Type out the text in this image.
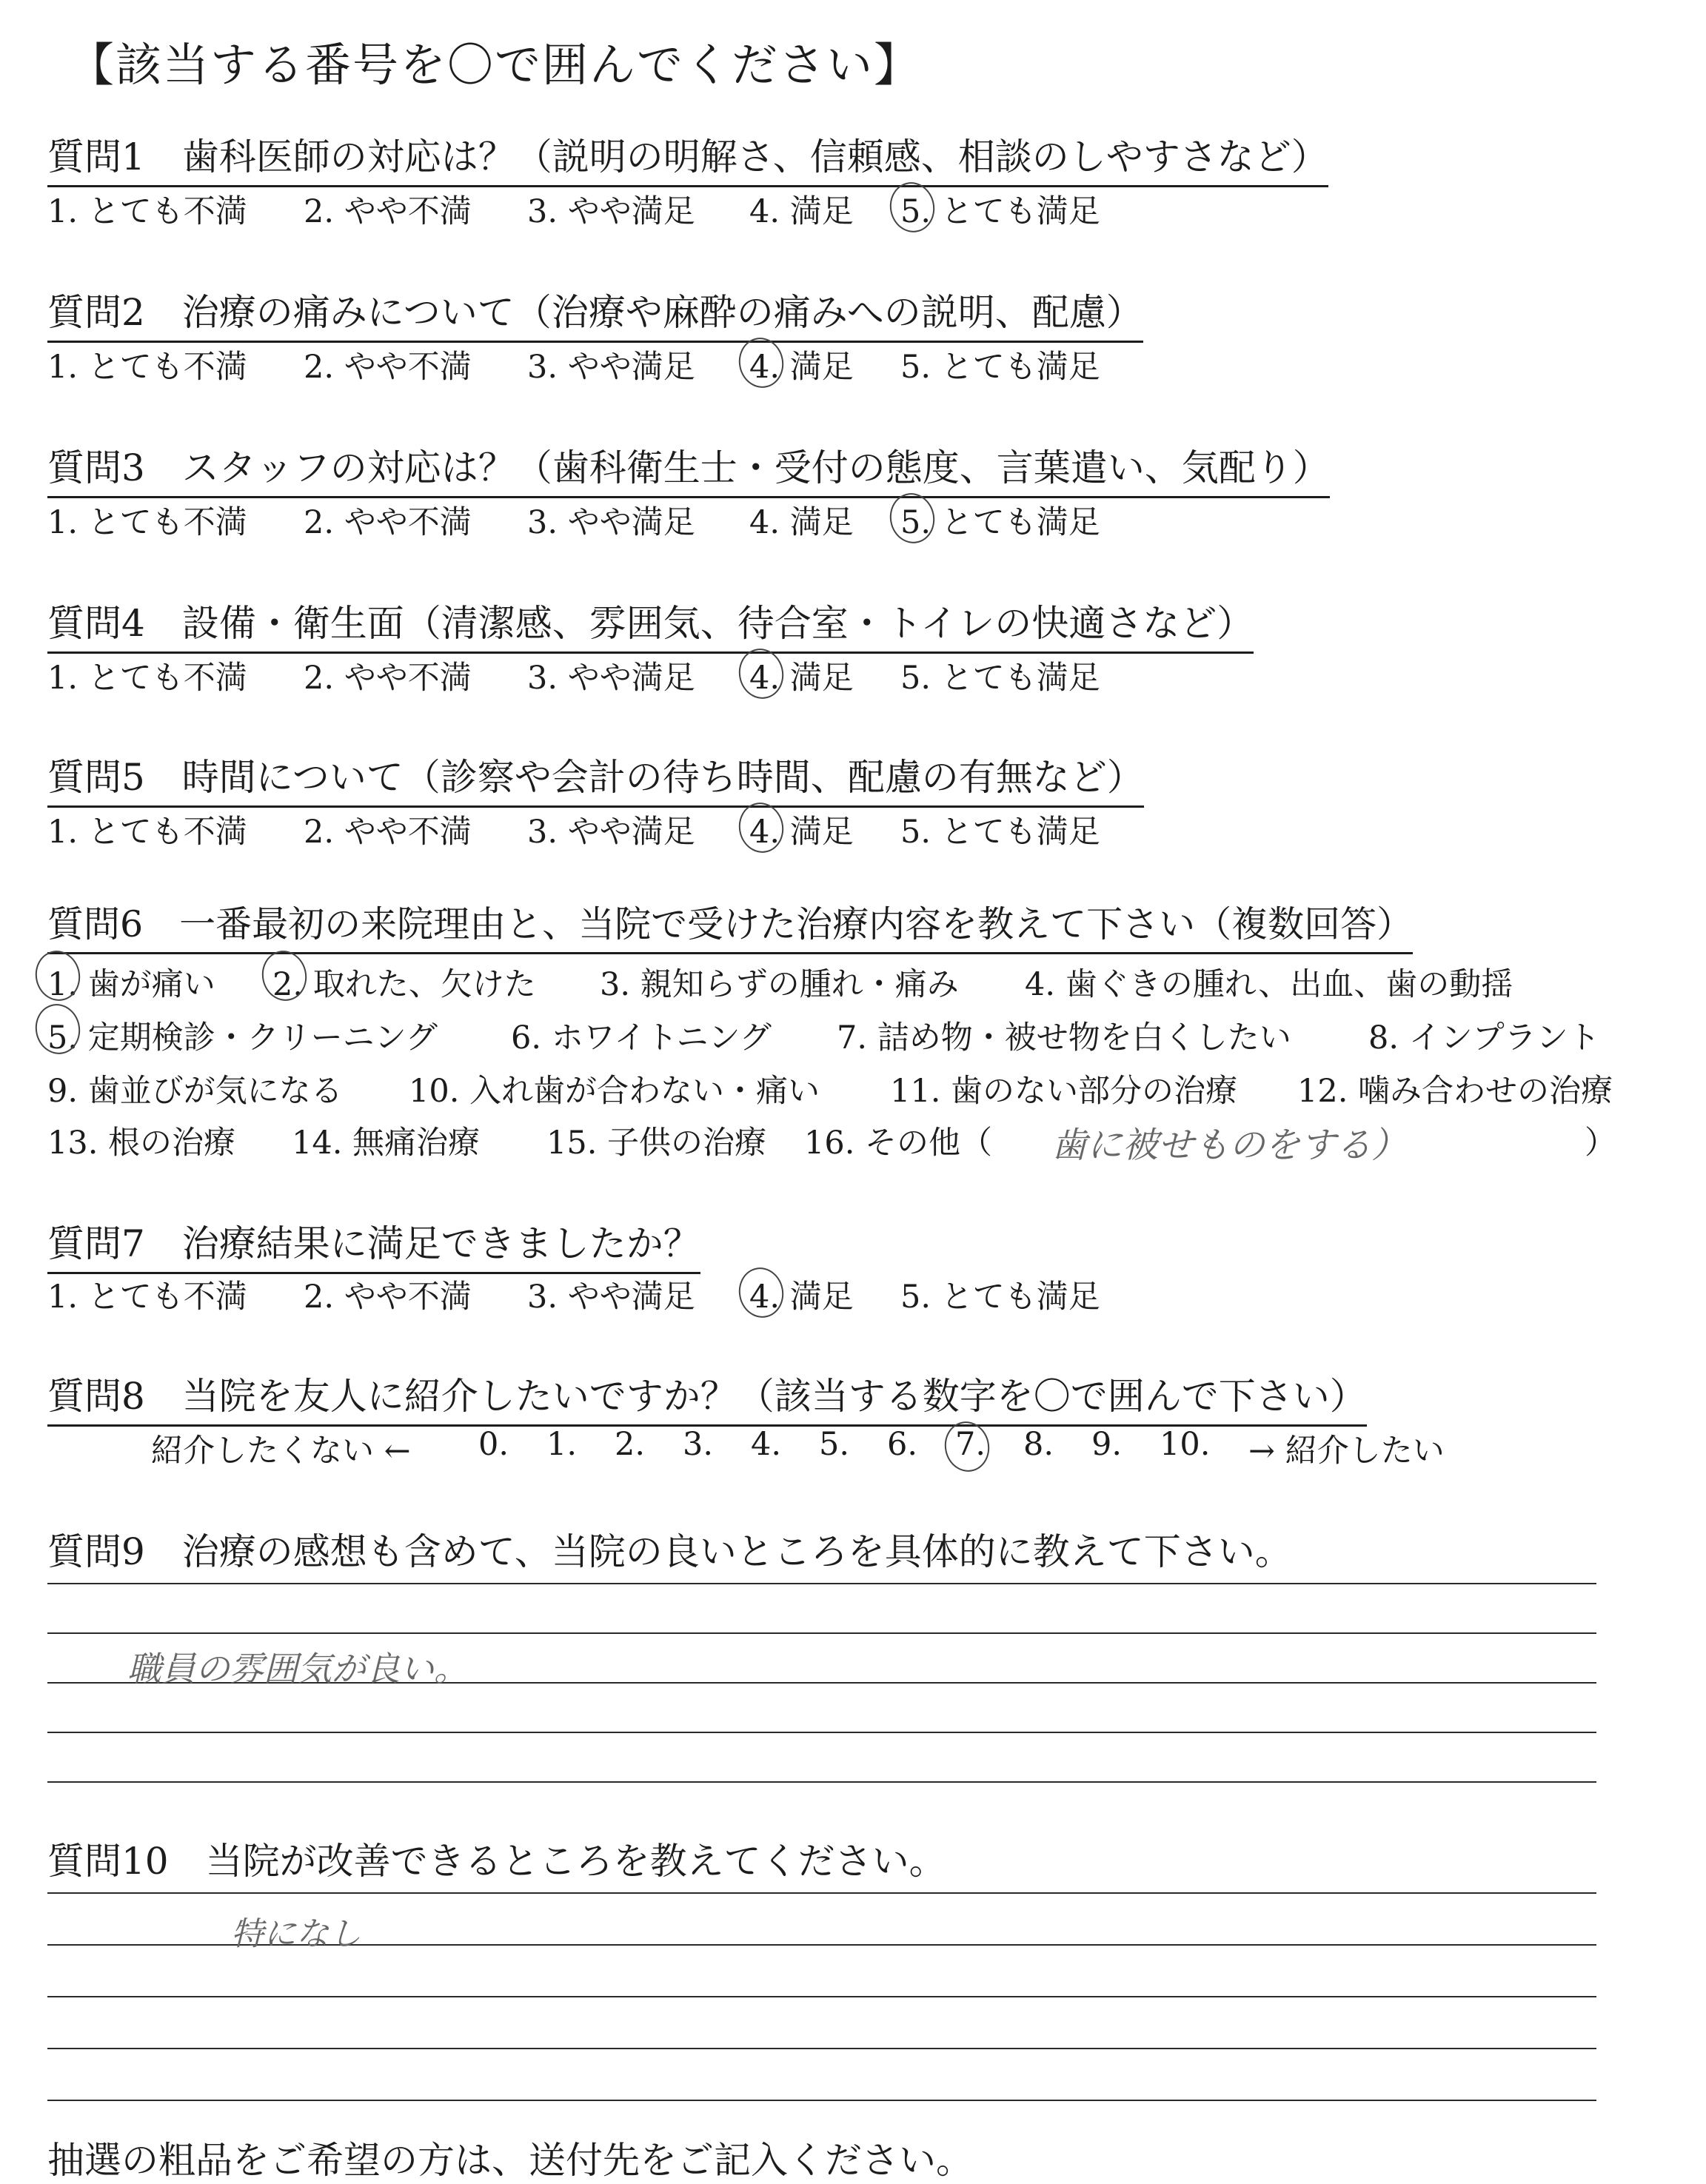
【該当する番号を〇で囲んでください】
質問1　歯科医師の対応は？（説明の明解さ、信頼感、相談のしやすさなど）
1. とても不満 2. やや不満 3. やや満足 4. 満足 5. とても満足
質問2　治療の痛みについて（治療や麻酔の痛みへの説明、配慮）
1. とても不満 2. やや不満 3. やや満足 4. 満足 5. とても満足
質問3　スタッフの対応は？（歯科衛生士・受付の態度、言葉遣い、気配り）
1. とても不満 2. やや不満 3. やや満足 4. 満足 5. とても満足
質問4　設備・衛生面（清潔感、雰囲気、待合室・トイレの快適さなど）
1. とても不満 2. やや不満 3. やや満足 4. 満足 5. とても満足
質問5　時間について（診察や会計の待ち時間、配慮の有無など）
1. とても不満 2. やや不満 3. やや満足 4. 満足 5. とても満足
質問6　一番最初の来院理由と、当院で受けた治療内容を教えて下さい（複数回答）
1. 歯が痛い 2. 取れた、欠けた 3. 親知らずの腫れ・痛み 4. 歯ぐきの腫れ、出血、歯の動揺
5. 定期検診・クリーニング 6. ホワイトニング 7. 詰め物・被せ物を白くしたい 8. インプラント
9. 歯並びが気になる 10. 入れ歯が合わない・痛い 11. 歯のない部分の治療 12. 噛み合わせの治療
13. 根の治療 14. 無痛治療 15. 子供の治療 16. その他（ 歯に被せものをする）	）
質問7　治療結果に満足できましたか？
1. とても不満 2. やや不満 3. やや満足 4. 満足 5. とても満足
質問8　当院を友人に紹介したいですか？（該当する数字を〇で囲んで下さい）
紹介したくない ← 0. 1. 2. 3. 4. 5. 6. 7. 8. 9. 10. → 紹介したい
質問9　治療の感想も含めて、当院の良いところを具体的に教えて下さい。
職員の雰囲気が良い。
質問10　当院が改善できるところを教えてください。
特になし
抽選の粗品をご希望の方は、送付先をご記入ください。
